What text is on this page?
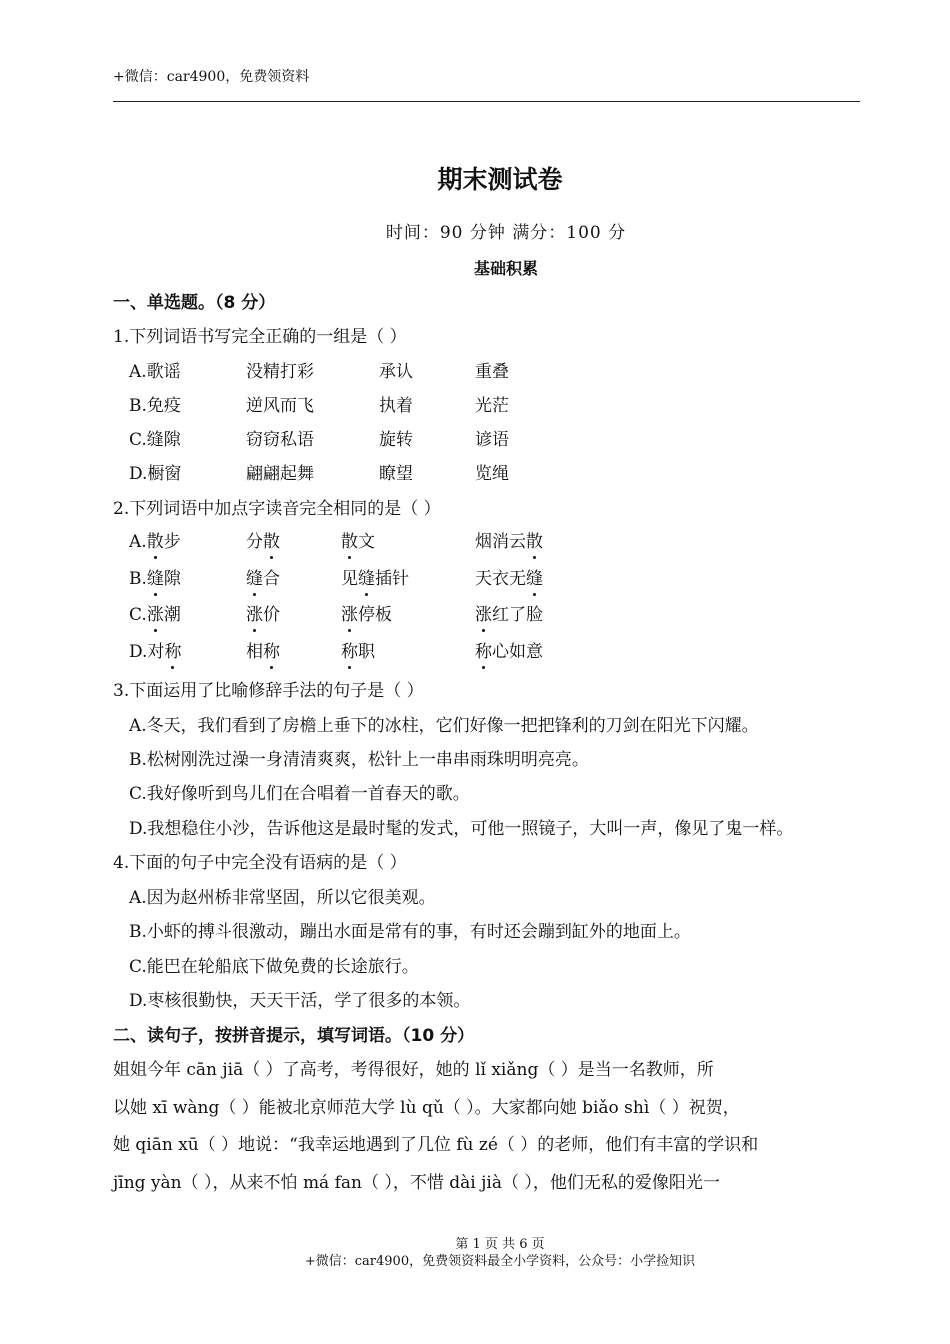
+微信：car4900，免费领资料
期末测试卷
时间：90 分钟 满分：100 分
基础积累
一、单选题。（8 分）
1.下列词语书写完全正确的一组是（ ）
A.歌谣	没精打彩	承认	重叠
B.免疫	逆风而飞	执着	光茫
C.缝隙	窃窃私语	旋转	谚语
D.橱窗	翩翩起舞	瞭望	览绳
2.下列词语中加点字读音完全相同的是（ ）
A.散步	分散	散文	烟消云散
B.缝隙	缝合	见缝插针	天衣无缝
C.涨潮	涨价	涨停板	涨红了脸
D.对称	相称	称职	称心如意
3.下面运用了比喻修辞手法的句子是（ ）
A.冬天，我们看到了房檐上垂下的冰柱，它们好像一把把锋利的刀剑在阳光下闪耀。
B.松树刚洗过澡一身清清爽爽，松针上一串串雨珠明明亮亮。
C.我好像听到鸟儿们在合唱着一首春天的歌。
D.我想稳住小沙，告诉他这是最时髦的发式，可他一照镜子，大叫一声，像见了鬼一样。
4.下面的句子中完全没有语病的是（ ）
A.因为赵州桥非常坚固，所以它很美观。
B.小虾的搏斗很激动，蹦出水面是常有的事，有时还会蹦到缸外的地面上。
C.能巴在轮船底下做免费的长途旅行。
D.枣核很勤快，天天干活，学了很多的本领。
二、读句子，按拼音提示，填写词语。（10 分）
姐姐今年 cān jiā（ ）了高考，考得很好，她的 lǐ xiǎng（ ）是当一名教师，所
以她 xī wàng（ ）能被北京师范大学 lù qǔ（ ）。大家都向她 biǎo shì（ ）祝贺，
她 qiān xū（ ）地说：“我幸运地遇到了几位 fù zé（ ）的老师，他们有丰富的学识和
jīng yàn（ ），从来不怕 má fan（ ），不惜 dài jià（ ），他们无私的爱像阳光一
第 1 页 共 6 页
+微信：car4900，免费领资料最全小学资料，公众号：小学捡知识
